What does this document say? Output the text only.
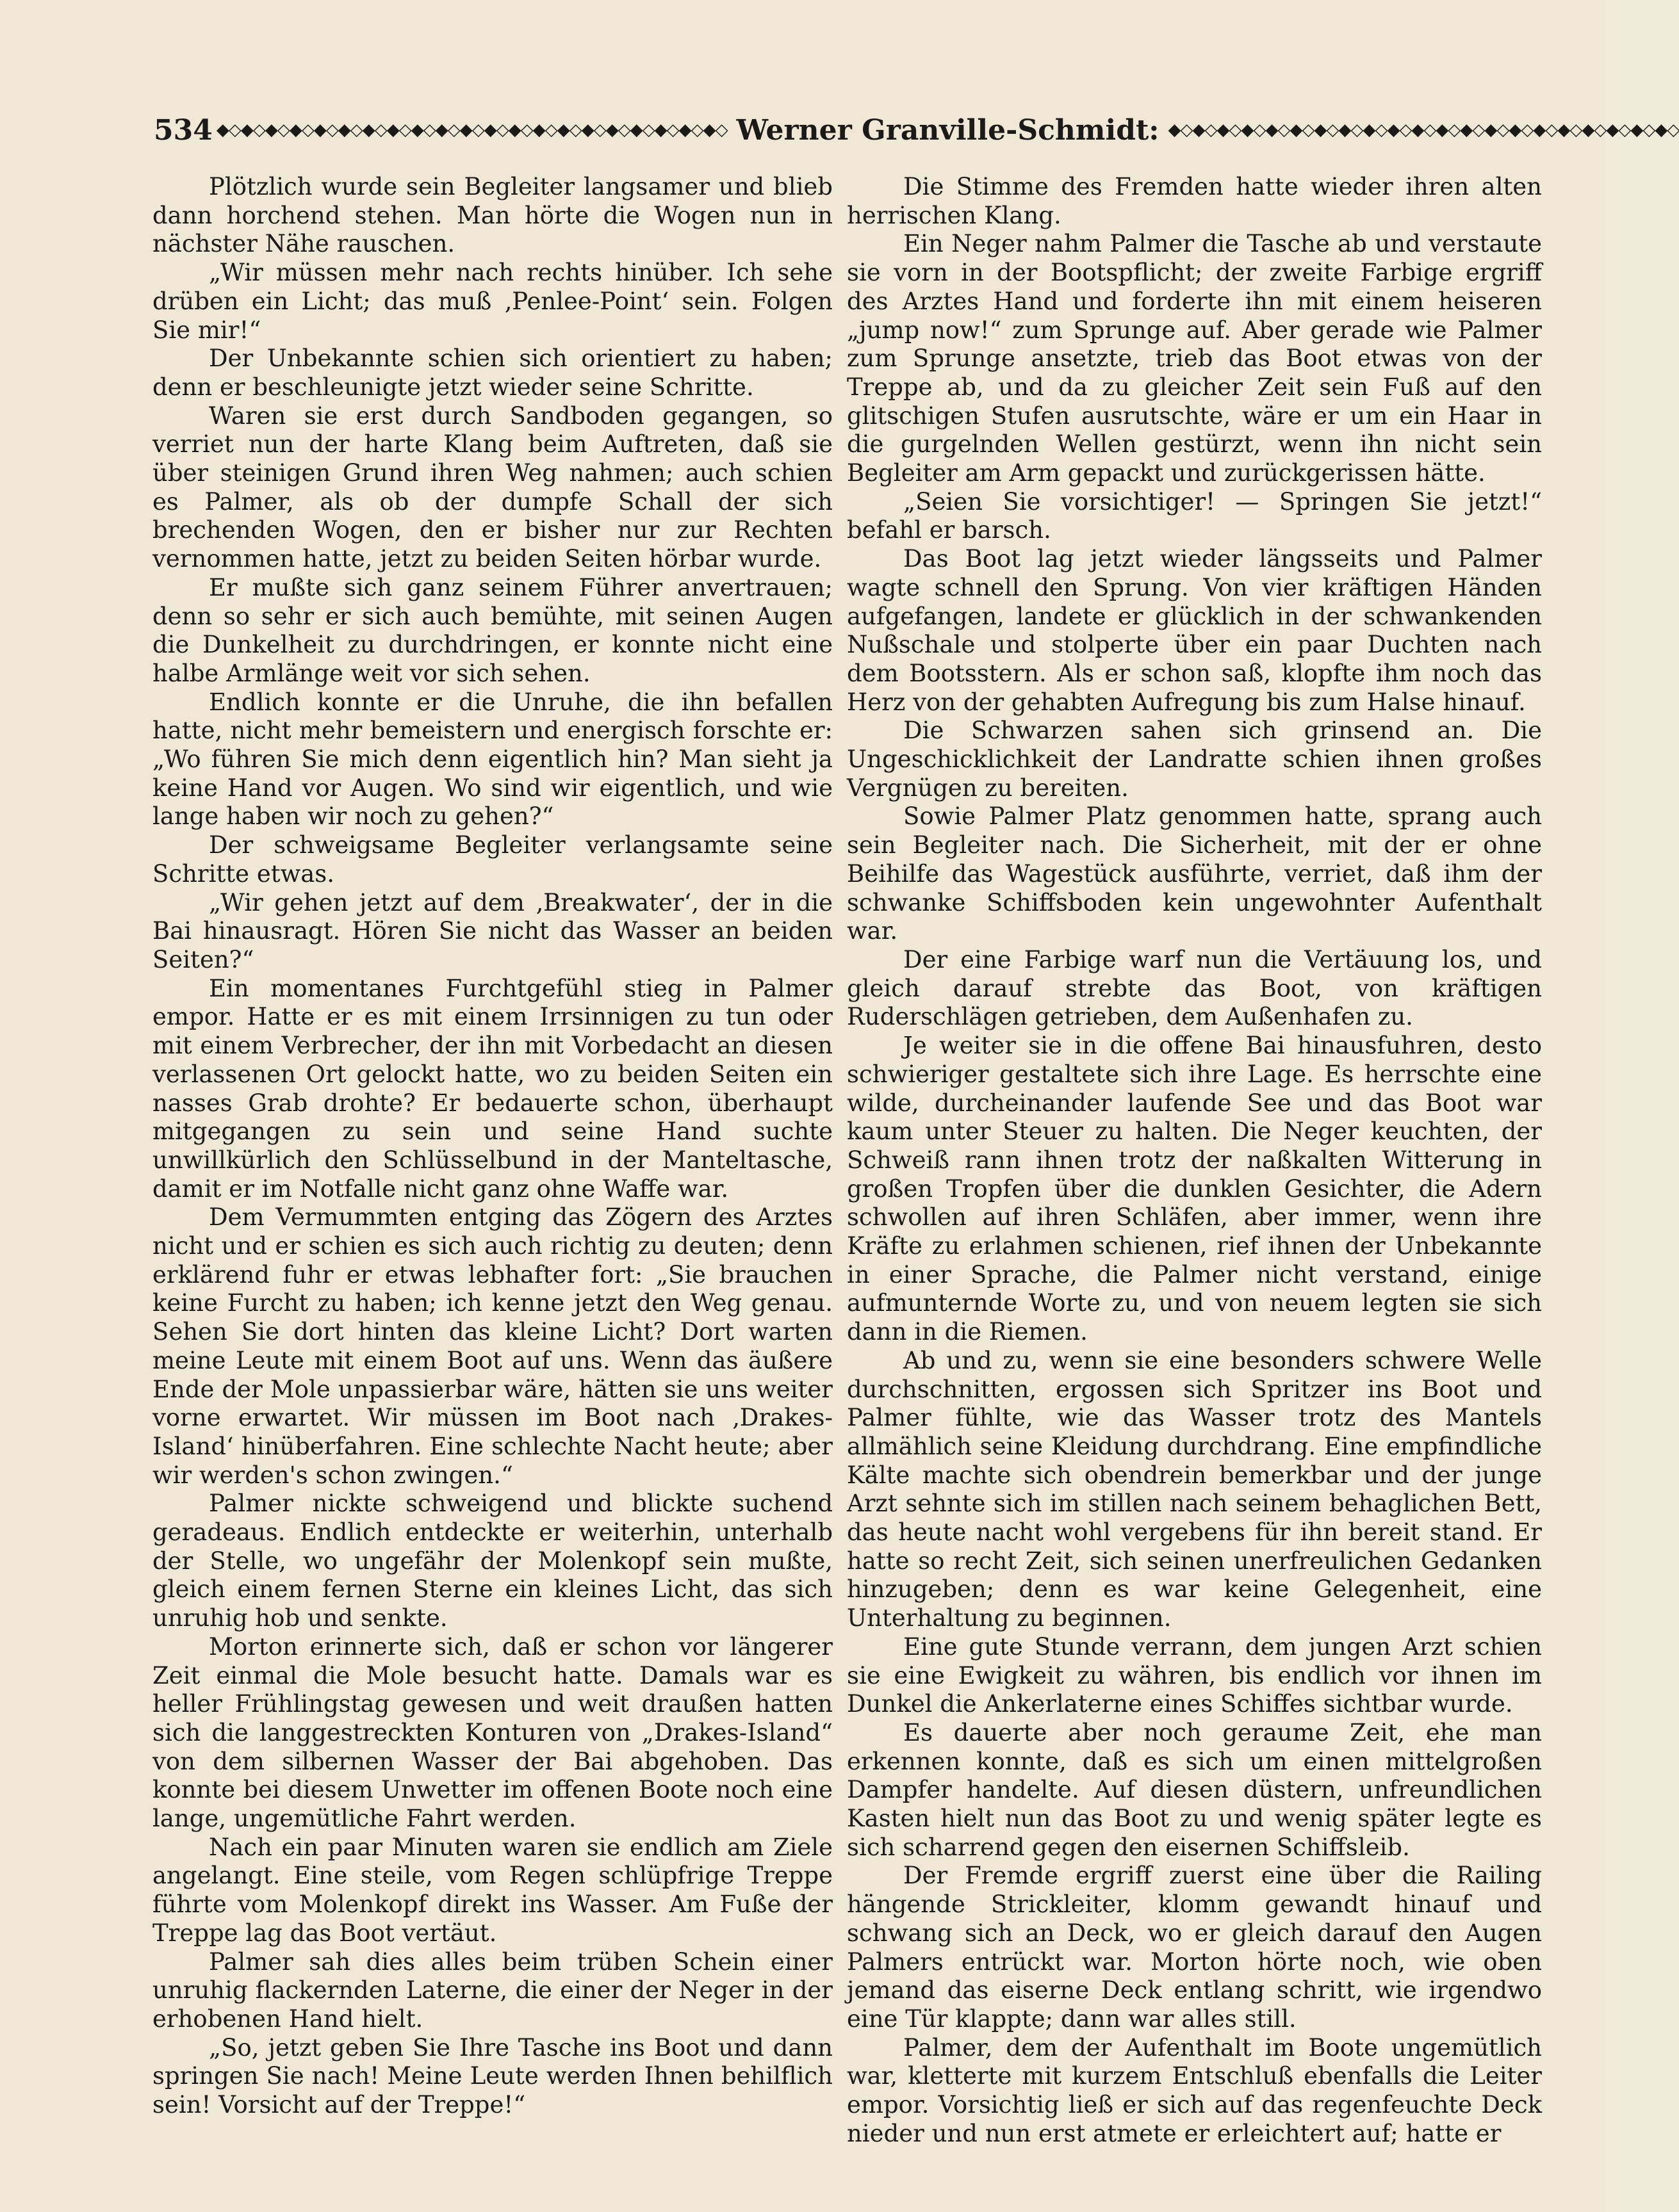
534 ◆◇◆◇◆◇◆◇◆◇◆◇◆◇◆◇◆◇◆◇◆◇◆◇◆◇◆◇◆◇◆◇◆◇◆◇◆◇◆◇◆◇ Werner Granville-Schmidt: ◆◇◆◇◆◇◆◇◆◇◆◇◆◇◆◇◆◇◆◇◆◇◆◇◆◇◆◇◆◇◆◇◆◇◆◇◆◇◆◇◆◇

Plötzlich wurde sein Begleiter langsamer und blieb dann horchend stehen. Man hörte die Wogen nun in nächster Nähe rauschen.

„Wir müssen mehr nach rechts hinüber. Ich sehe drüben ein Licht; das muß ‚Penlee-Point‘ sein. Folgen Sie mir!“

Der Unbekannte schien sich orientiert zu haben; denn er beschleunigte jetzt wieder seine Schritte.

Waren sie erst durch Sandboden gegangen, so verriet nun der harte Klang beim Auftreten, daß sie über steinigen Grund ihren Weg nahmen; auch schien es Palmer, als ob der dumpfe Schall der sich brechenden Wogen, den er bisher nur zur Rechten vernommen hatte, jetzt zu beiden Seiten hörbar wurde.

Er mußte sich ganz seinem Führer anvertrauen; denn so sehr er sich auch bemühte, mit seinen Augen die Dunkelheit zu durchdringen, er konnte nicht eine halbe Armlänge weit vor sich sehen.

Endlich konnte er die Unruhe, die ihn befallen hatte, nicht mehr bemeistern und energisch forschte er: „Wo führen Sie mich denn eigentlich hin? Man sieht ja keine Hand vor Augen. Wo sind wir eigentlich, und wie lange haben wir noch zu gehen?“

Der schweigsame Begleiter verlangsamte seine Schritte etwas.

„Wir gehen jetzt auf dem ‚Breakwater‘, der in die Bai hinausragt. Hören Sie nicht das Wasser an beiden Seiten?“

Ein momentanes Furchtgefühl stieg in Palmer empor. Hatte er es mit einem Irrsinnigen zu tun oder mit einem Verbrecher, der ihn mit Vorbedacht an diesen verlassenen Ort gelockt hatte, wo zu beiden Seiten ein nasses Grab drohte? Er bedauerte schon, überhaupt mitgegangen zu sein und seine Hand suchte unwillkürlich den Schlüsselbund in der Manteltasche, damit er im Notfalle nicht ganz ohne Waffe war.

Dem Vermummten entging das Zögern des Arztes nicht und er schien es sich auch richtig zu deuten; denn erklärend fuhr er etwas lebhafter fort: „Sie brauchen keine Furcht zu haben; ich kenne jetzt den Weg genau. Sehen Sie dort hinten das kleine Licht? Dort warten meine Leute mit einem Boot auf uns. Wenn das äußere Ende der Mole unpassierbar wäre, hätten sie uns weiter vorne erwartet. Wir müssen im Boot nach ‚Drakes-Island‘ hinüberfahren. Eine schlechte Nacht heute; aber wir werden's schon zwingen.“

Palmer nickte schweigend und blickte suchend geradeaus. Endlich entdeckte er weiterhin, unterhalb der Stelle, wo ungefähr der Molenkopf sein mußte, gleich einem fernen Sterne ein kleines Licht, das sich unruhig hob und senkte.

Morton erinnerte sich, daß er schon vor längerer Zeit einmal die Mole besucht hatte. Damals war es heller Frühlingstag gewesen und weit draußen hatten sich die langgestreckten Konturen von „Drakes-Island“ von dem silbernen Wasser der Bai abgehoben. Das konnte bei diesem Unwetter im offenen Boote noch eine lange, ungemütliche Fahrt werden.

Nach ein paar Minuten waren sie endlich am Ziele angelangt. Eine steile, vom Regen schlüpfrige Treppe führte vom Molenkopf direkt ins Wasser. Am Fuße der Treppe lag das Boot vertäut.

Palmer sah dies alles beim trüben Schein einer unruhig flackernden Laterne, die einer der Neger in der erhobenen Hand hielt.

„So, jetzt geben Sie Ihre Tasche ins Boot und dann springen Sie nach! Meine Leute werden Ihnen behilflich sein! Vorsicht auf der Treppe!“

Die Stimme des Fremden hatte wieder ihren alten herrischen Klang.

Ein Neger nahm Palmer die Tasche ab und verstaute sie vorn in der Bootspflicht; der zweite Farbige ergriff des Arztes Hand und forderte ihn mit einem heiseren „jump now!“ zum Sprunge auf. Aber gerade wie Palmer zum Sprunge ansetzte, trieb das Boot etwas von der Treppe ab, und da zu gleicher Zeit sein Fuß auf den glitschigen Stufen ausrutschte, wäre er um ein Haar in die gurgelnden Wellen gestürzt, wenn ihn nicht sein Begleiter am Arm gepackt und zurückgerissen hätte.

„Seien Sie vorsichtiger! — Springen Sie jetzt!“ befahl er barsch.

Das Boot lag jetzt wieder längsseits und Palmer wagte schnell den Sprung. Von vier kräftigen Händen aufgefangen, landete er glücklich in der schwankenden Nußschale und stolperte über ein paar Duchten nach dem Bootsstern. Als er schon saß, klopfte ihm noch das Herz von der gehabten Aufregung bis zum Halse hinauf.

Die Schwarzen sahen sich grinsend an. Die Ungeschicklichkeit der Landratte schien ihnen großes Vergnügen zu bereiten.

Sowie Palmer Platz genommen hatte, sprang auch sein Begleiter nach. Die Sicherheit, mit der er ohne Beihilfe das Wagestück ausführte, verriet, daß ihm der schwanke Schiffsboden kein ungewohnter Aufenthalt war.

Der eine Farbige warf nun die Vertäuung los, und gleich darauf strebte das Boot, von kräftigen Ruderschlägen getrieben, dem Außenhafen zu.

Je weiter sie in die offene Bai hinausfuhren, desto schwieriger gestaltete sich ihre Lage. Es herrschte eine wilde, durcheinander laufende See und das Boot war kaum unter Steuer zu halten. Die Neger keuchten, der Schweiß rann ihnen trotz der naßkalten Witterung in großen Tropfen über die dunklen Gesichter, die Adern schwollen auf ihren Schläfen, aber immer, wenn ihre Kräfte zu erlahmen schienen, rief ihnen der Unbekannte in einer Sprache, die Palmer nicht verstand, einige aufmunternde Worte zu, und von neuem legten sie sich dann in die Riemen.

Ab und zu, wenn sie eine besonders schwere Welle durchschnitten, ergossen sich Spritzer ins Boot und Palmer fühlte, wie das Wasser trotz des Mantels allmählich seine Kleidung durchdrang. Eine empfindliche Kälte machte sich obendrein bemerkbar und der junge Arzt sehnte sich im stillen nach seinem behaglichen Bett, das heute nacht wohl vergebens für ihn bereit stand. Er hatte so recht Zeit, sich seinen unerfreulichen Gedanken hinzugeben; denn es war keine Gelegenheit, eine Unterhaltung zu beginnen.

Eine gute Stunde verrann, dem jungen Arzt schien sie eine Ewigkeit zu währen, bis endlich vor ihnen im Dunkel die Ankerlaterne eines Schiffes sichtbar wurde.

Es dauerte aber noch geraume Zeit, ehe man erkennen konnte, daß es sich um einen mittelgroßen Dampfer handelte. Auf diesen düstern, unfreundlichen Kasten hielt nun das Boot zu und wenig später legte es sich scharrend gegen den eisernen Schiffsleib.

Der Fremde ergriff zuerst eine über die Railing hängende Strickleiter, klomm gewandt hinauf und schwang sich an Deck, wo er gleich darauf den Augen Palmers entrückt war. Morton hörte noch, wie oben jemand das eiserne Deck entlang schritt, wie irgendwo eine Tür klappte; dann war alles still.

Palmer, dem der Aufenthalt im Boote ungemütlich war, kletterte mit kurzem Entschluß ebenfalls die Leiter empor. Vorsichtig ließ er sich auf das regenfeuchte Deck nieder und nun erst atmete er erleichtert auf; hatte er
